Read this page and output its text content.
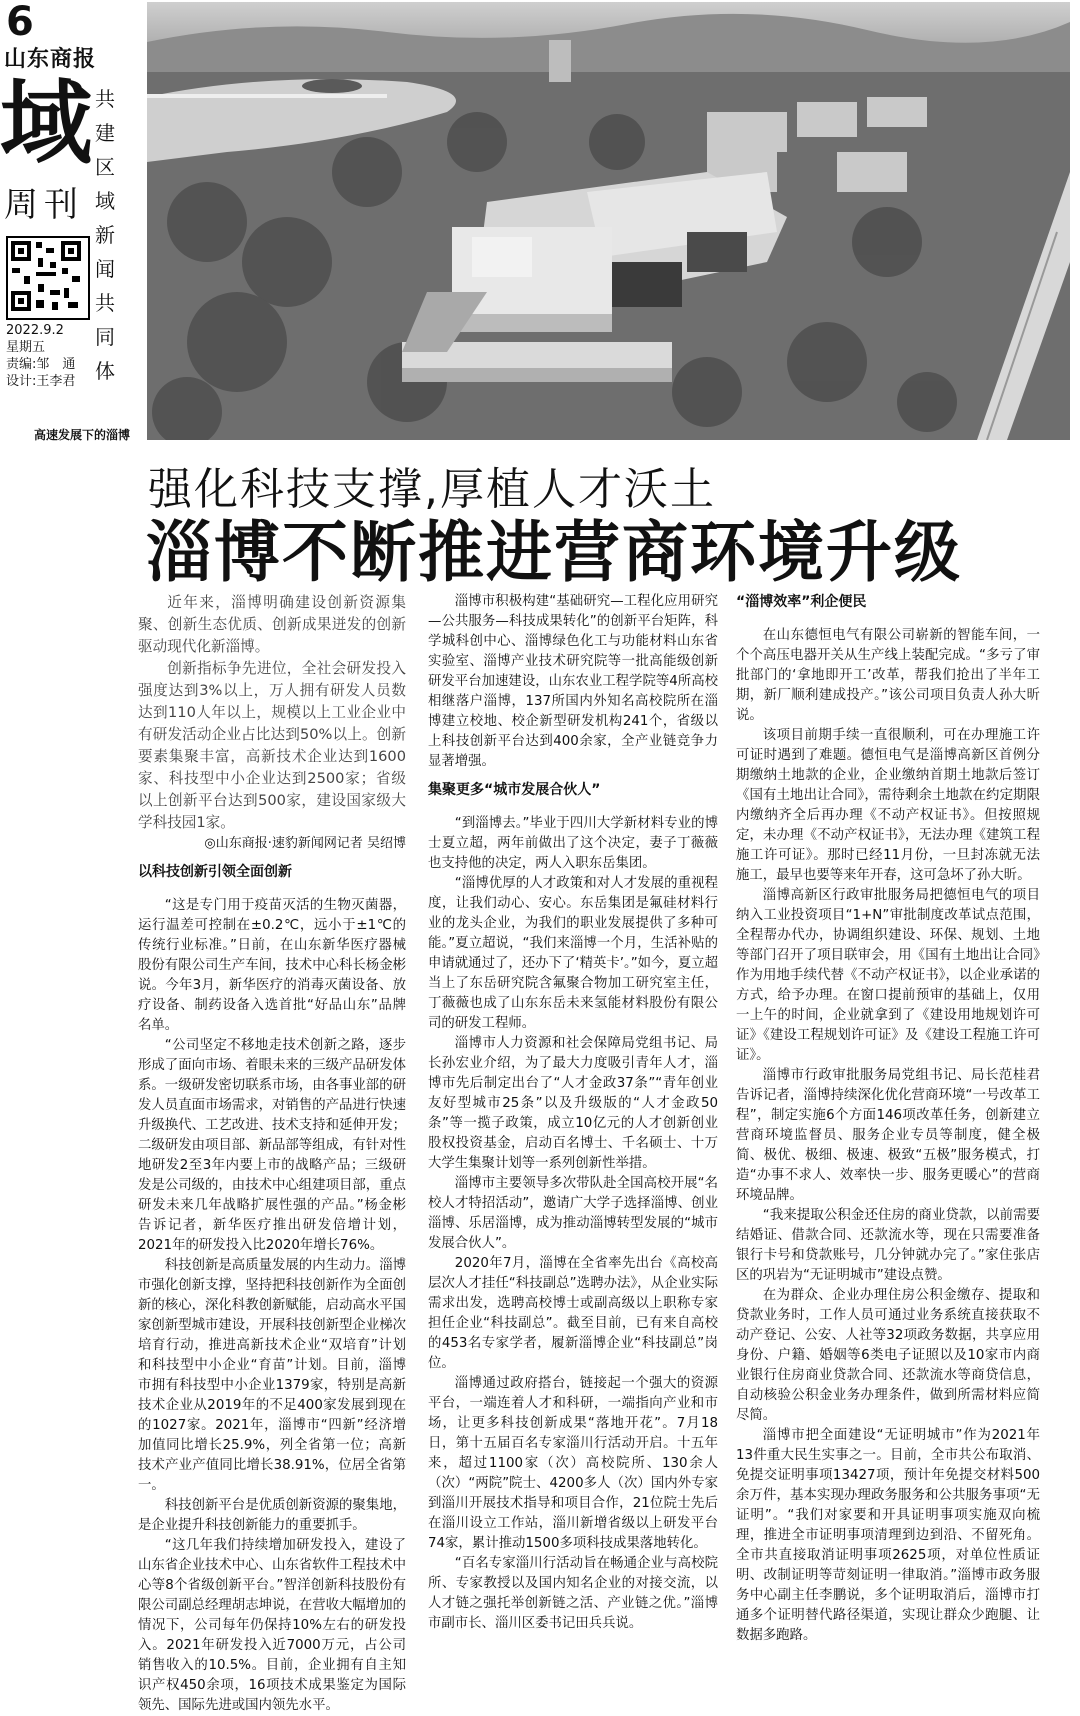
6
山东商报
域
周刊
共建区域新闻共同体
2022.9.2
星期五
责编:邹　通
设计:王李君
高速发展下的淄博
强化科技支撑,厚植人才沃土
淄博不断推进营商环境升级

近年来，淄博明确建设创新资源集聚、创新生态优质、创新成果迸发的创新驱动现代化新淄博。

创新指标争先进位，全社会研发投入强度达到3%以上，万人拥有研发人员数达到110人年以上，规模以上工业企业中有研发活动企业占比达到50%以上。创新要素集聚丰富，高新技术企业达到1600家、科技型中小企业达到2500家；省级以上创新平台达到500家，建设国家级大学科技园1家。

◎山东商报·速豹新闻网记者 吴绍博

以科技创新引领全面创新

“这是专门用于疫苗灭活的生物灭菌器，运行温差可控制在±0.2℃，远小于±1℃的传统行业标准。”日前，在山东新华医疗器械股份有限公司生产车间，技术中心科长杨金彬说。今年3月，新华医疗的消毒灭菌设备、放疗设备、制药设备入选首批“好品山东”品牌名单。

“公司坚定不移地走技术创新之路，逐步形成了面向市场、着眼未来的三级产品研发体系。一级研发密切联系市场，由各事业部的研发人员直面市场需求，对销售的产品进行快速升级换代、工艺改进、技术支持和延伸开发；二级研发由项目部、新品部等组成，有针对性地研发2至3年内要上市的战略产品；三级研发是公司级的，由技术中心组建项目部，重点研发未来几年战略扩展性强的产品。”杨金彬告诉记者，新华医疗推出研发倍增计划，2021年的研发投入比2020年增长76%。

科技创新是高质量发展的内生动力。淄博市强化创新支撑，坚持把科技创新作为全面创新的核心，深化科教创新赋能，启动高水平国家创新型城市建设，开展科技创新型企业梯次培育行动，推进高新技术企业“双培育”计划和科技型中小企业“育苗”计划。目前，淄博市拥有科技型中小企业1379家，特别是高新技术企业从2019年的不足400家发展到现在的1027家。2021年，淄博市“四新”经济增加值同比增长25.9%，列全省第一位；高新技术产业产值同比增长38.91%，位居全省第一。

科技创新平台是优质创新资源的聚集地，是企业提升科技创新能力的重要抓手。

“这几年我们持续增加研发投入，建设了山东省企业技术中心、山东省软件工程技术中心等8个省级创新平台。”智洋创新科技股份有限公司副总经理胡志坤说，在营收大幅增加的情况下，公司每年仍保持10%左右的研发投入。2021年研发投入近7000万元，占公司销售收入的10.5%。目前，企业拥有自主知识产权450余项，16项技术成果鉴定为国际领先、国际先进或国内领先水平。

淄博市积极构建“基础研究—工程化应用研究—公共服务—科技成果转化”的创新平台矩阵，科学城科创中心、淄博绿色化工与功能材料山东省实验室、淄博产业技术研究院等一批高能级创新研发平台加速建设，山东农业工程学院等4所高校相继落户淄博，137所国内外知名高校院所在淄博建立校地、校企新型研发机构241个，省级以上科技创新平台达到400余家，全产业链竞争力显著增强。

集聚更多“城市发展合伙人”

“到淄博去。”毕业于四川大学新材料专业的博士夏立超，两年前做出了这个决定，妻子丁薇薇也支持他的决定，两人入职东岳集团。

“淄博优厚的人才政策和对人才发展的重视程度，让我们动心、安心。东岳集团是氟硅材料行业的龙头企业，为我们的职业发展提供了多种可能。”夏立超说，“我们来淄博一个月，生活补贴的申请就通过了，还办下了‘精英卡’。”如今，夏立超当上了东岳研究院含氟聚合物加工研究室主任，丁薇薇也成了山东东岳未来氢能材料股份有限公司的研发工程师。

淄博市人力资源和社会保障局党组书记、局长孙宏业介绍，为了最大力度吸引青年人才，淄博市先后制定出台了“人才金政37条”“青年创业友好型城市25条”以及升级版的“人才金政50条”等一揽子政策，成立10亿元的人才创新创业股权投资基金，启动百名博士、千名硕士、十万大学生集聚计划等一系列创新性举措。

淄博市主要领导多次带队赴全国高校开展“名校人才特招活动”，邀请广大学子选择淄博、创业淄博、乐居淄博，成为推动淄博转型发展的“城市发展合伙人”。

2020年7月，淄博在全省率先出台《高校高层次人才挂任“科技副总”选聘办法》，从企业实际需求出发，选聘高校博士或副高级以上职称专家担任企业“科技副总”。截至目前，已有来自高校的453名专家学者，履新淄博企业“科技副总”岗位。

淄博通过政府搭台，链接起一个强大的资源平台，一端连着人才和科研，一端指向产业和市场，让更多科技创新成果“落地开花”。7月18日，第十五届百名专家淄川行活动开启。十五年来，超过1100家（次）高校院所、130余人（次）“两院”院士、4200多人（次）国内外专家到淄川开展技术指导和项目合作，21位院士先后在淄川设立工作站，淄川新增省级以上研发平台74家，累计推动1500多项科技成果落地转化。

“百名专家淄川行活动旨在畅通企业与高校院所、专家教授以及国内知名企业的对接交流，以人才链之强托举创新链之活、产业链之优。”淄博市副市长、淄川区委书记田兵兵说。

“淄博效率”利企便民

在山东德恒电气有限公司崭新的智能车间，一个个高压电器开关从生产线上装配完成。“多亏了审批部门的‘拿地即开工’改革，帮我们抢出了半年工期，新厂顺利建成投产。”该公司项目负责人孙大昕说。

该项目前期手续一直很顺利，可在办理施工许可证时遇到了难题。德恒电气是淄博高新区首例分期缴纳土地款的企业，企业缴纳首期土地款后签订《国有土地出让合同》，需待剩余土地款在约定期限内缴纳齐全后再办理《不动产权证书》。但按照规定，未办理《不动产权证书》，无法办理《建筑工程施工许可证》。那时已经11月份，一旦封冻就无法施工，最早也要等来年开春，这可急坏了孙大昕。

淄博高新区行政审批服务局把德恒电气的项目纳入工业投资项目“1+N”审批制度改革试点范围，全程帮办代办，协调组织建设、环保、规划、土地等部门召开了项目联审会，用《国有土地出让合同》作为用地手续代替《不动产权证书》，以企业承诺的方式，给予办理。在窗口提前预审的基础上，仅用一上午的时间，企业就拿到了《建设用地规划许可证》《建设工程规划许可证》及《建设工程施工许可证》。

淄博市行政审批服务局党组书记、局长范桂君告诉记者，淄博持续深化优化营商环境“一号改革工程”，制定实施6个方面146项改革任务，创新建立营商环境监督员、服务企业专员等制度，健全极简、极优、极细、极速、极致“五极”服务模式，打造“办事不求人、效率快一步、服务更暖心”的营商环境品牌。

“我来提取公积金还住房的商业贷款，以前需要结婚证、借款合同、还款流水等，现在只需要准备银行卡号和贷款账号，几分钟就办完了。”家住张店区的巩岩为“无证明城市”建设点赞。

在为群众、企业办理住房公积金缴存、提取和贷款业务时，工作人员可通过业务系统直接获取不动产登记、公安、人社等32项政务数据，共享应用身份、户籍、婚姻等6类电子证照以及10家市内商业银行住房商业贷款合同、还款流水等商贷信息，自动核验公积金业务办理条件，做到所需材料应简尽简。

淄博市把全面建设“无证明城市”作为2021年13件重大民生实事之一。目前，全市共公布取消、免提交证明事项13427项，预计年免提交材料500余万件，基本实现办理政务服务和公共服务事项“无证明”。“我们对家要和开具证明事项实施双向梳理，推进全市证明事项清理到边到沿、不留死角。全市共直接取消证明事项2625项，对单位性质证明、改制证明等苛刻证明一律取消。”淄博市政务服务中心副主任李鹏说，多个证明取消后，淄博市打通多个证明替代路径渠道，实现让群众少跑腿、让数据多跑路。
